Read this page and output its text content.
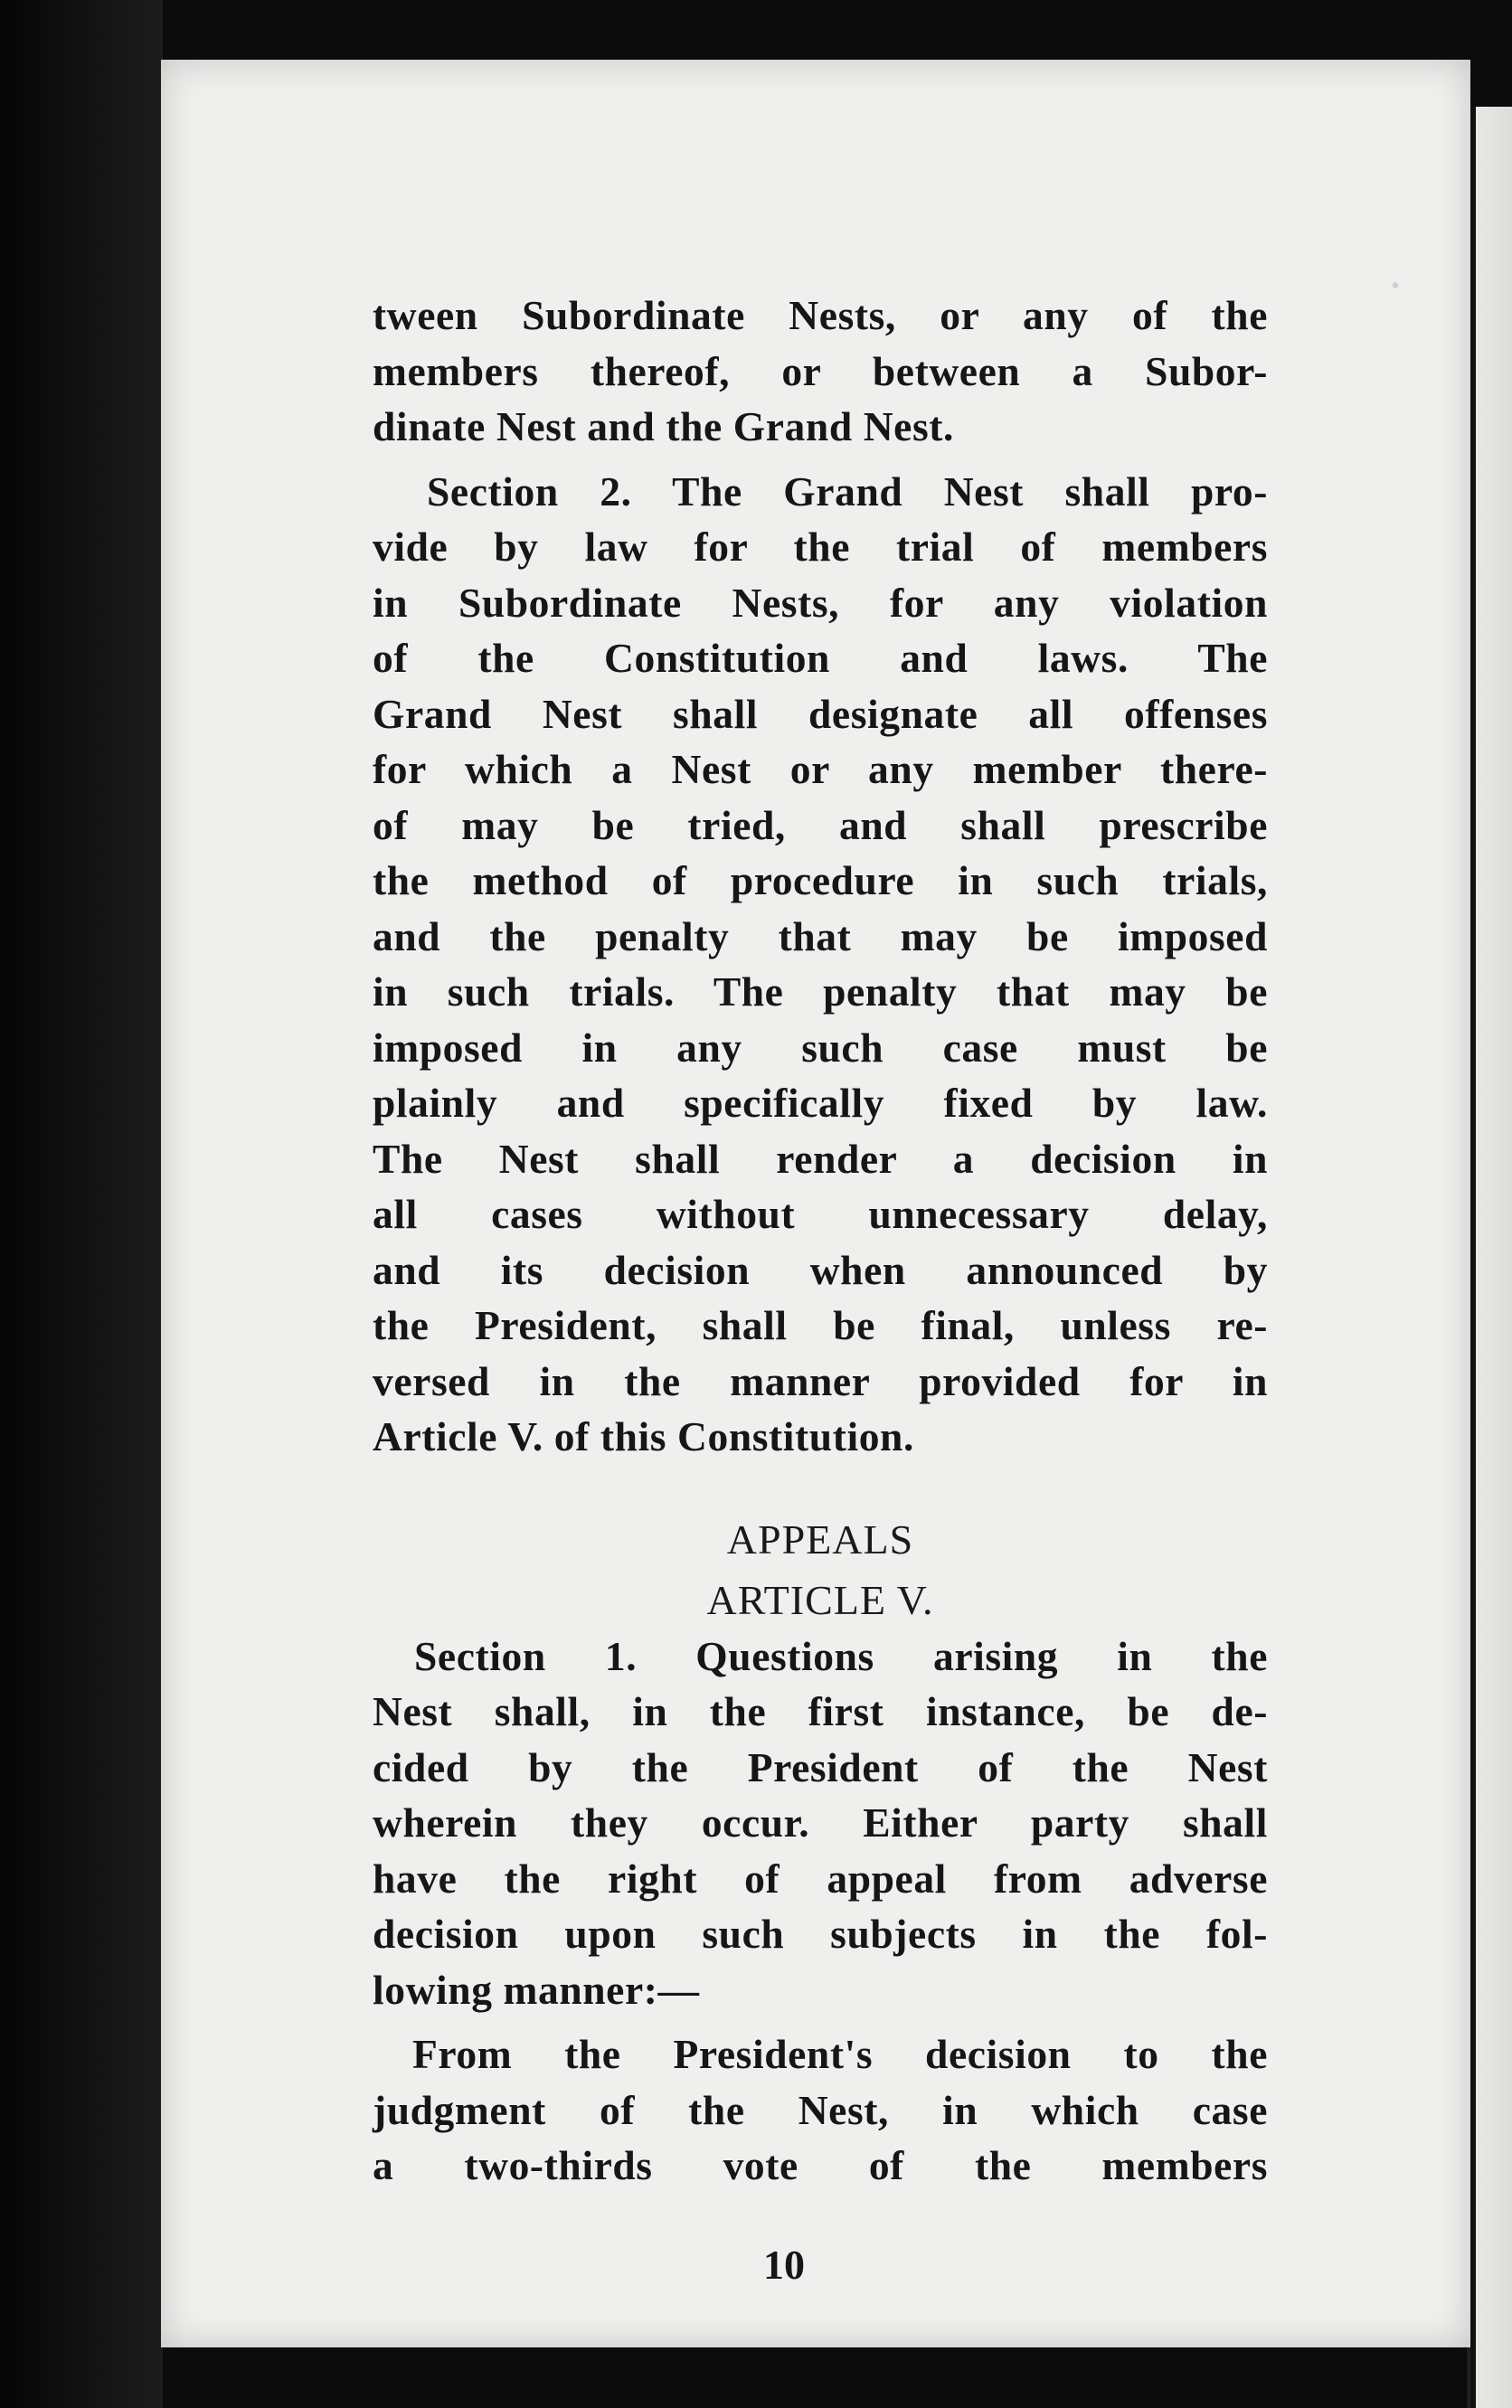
tween Subordinate Nests, or any of the
members thereof, or between a Subor-
dinate Nest and the Grand Nest.
Section 2. The Grand Nest shall pro-
vide by law for the trial of members
in Subordinate Nests, for any violation
of the Constitution and laws. The
Grand Nest shall designate all offenses
for which a Nest or any member there-
of may be tried, and shall prescribe
the method of procedure in such trials,
and the penalty that may be imposed
in such trials. The penalty that may be
imposed in any such case must be
plainly and specifically fixed by law.
The Nest shall render a decision in
all cases without unnecessary delay,
and its decision when announced by
the President, shall be final, unless re-
versed in the manner provided for in
Article V. of this Constitution.
APPEALS
ARTICLE V.
Section 1. Questions arising in the
Nest shall, in the first instance, be de-
cided by the President of the Nest
wherein they occur. Either party shall
have the right of appeal from adverse
decision upon such subjects in the fol-
lowing manner:—
From the President's decision to the
judgment of the Nest, in which case
a two-thirds vote of the members
10
